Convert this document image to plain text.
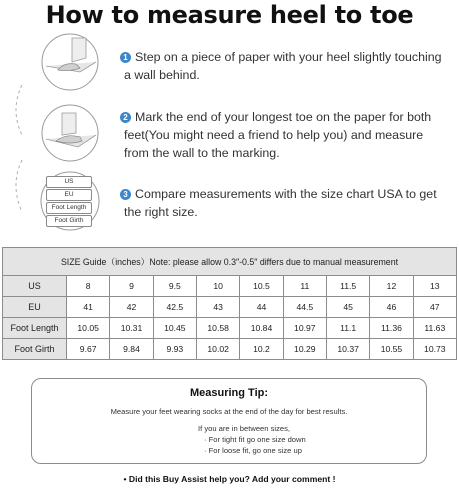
How to measure heel to toe
US
EU
Foot Length
Foot Girth
1 Step on a piece of paper with your heel slightly touching
a wall behind.
2 Mark the end of your longest toe on the paper for both
feet(You might need a friend to help you) and measure
from the wall to the marking.
3 Compare measurements with the size chart USA to get
the right size.
SIZE Guide（inches）Note: please allow 0.3″-0.5″ differs due to manual measurement									
US	8	9	9.5	10	10.5	11	11.5	12	13
EU	41	42	42.5	43	44	44.5	45	46	47
Foot Length	10.05	10.31	10.45	10.58	10.84	10.97	11.1	11.36	11.63
Foot Girth	9.67	9.84	9.93	10.02	10.2	10.29	10.37	10.55	10.73
Measuring Tip:
Measure your feet wearing socks at the end of the day for best results.
If you are in between sizes,
· For tight fit go one size down
· For loose fit, go one size up
• Did this Buy Assist help you? Add your comment !
